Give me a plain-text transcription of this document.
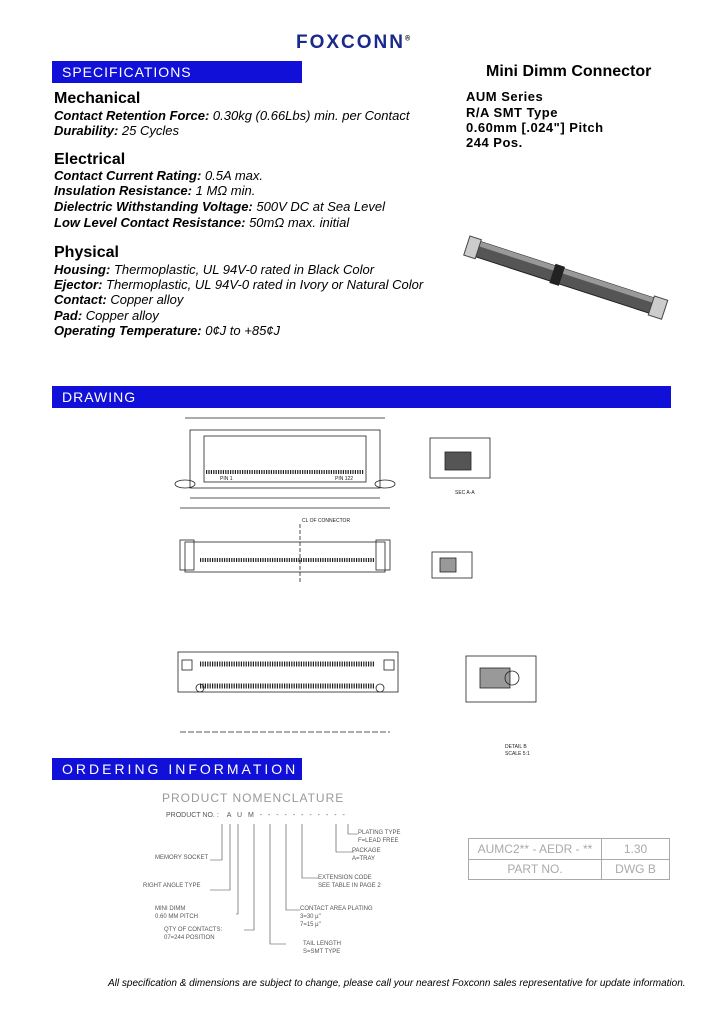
FOXCONN®
SPECIFICATIONS
DRAWING
ORDERING INFORMATION
Mini Dimm Connector
AUM Series
R/A SMT Type
0.60mm [.024"] Pitch
244 Pos.
Mechanical
Contact Retention Force: 0.30kg (0.66Lbs) min. per Contact
Durability: 25 Cycles
Electrical
Contact Current Rating: 0.5A max.
Insulation Resistance: 1 MΩ min.
Dielectric Withstanding Voltage: 500V DC at Sea Level
Low Level Contact Resistance: 50mΩ max. initial
Physical
Housing: Thermoplastic, UL 94V-0 rated in Black Color
Ejector: Thermoplastic, UL 94V-0 rated in Ivory or Natural Color
Contact: Copper alloy
Pad: Copper alloy
Operating Temperature: 0¢J to +85¢J
PIN 1	PIN 122
SEC A-A
CL OF CONNECTOR
DETAIL B
SCALE 5:1
PRODUCT NOMENCLATURE
PRODUCT NO. : A U M - - - - - - - - - - -
MEMORY SOCKET
RIGHT ANGLE TYPE
MINI DIMM
0.60 MM PITCH
QTY OF CONTACTS:
07=244 POSITION
TAIL LENGTH
S=SMT TYPE
CONTACT AREA PLATING
3=30 μ"
7=15 μ"
EXTENSION CODE
SEE TABLE IN PAGE 2
PACKAGE
A=TRAY
PLATING TYPE
F=LEAD FREE
AUMC2** - AEDR - **	1.30
PART NO.	DWG B
All specification & dimensions are subject to change, please call your nearest Foxconn sales representative for update information.
